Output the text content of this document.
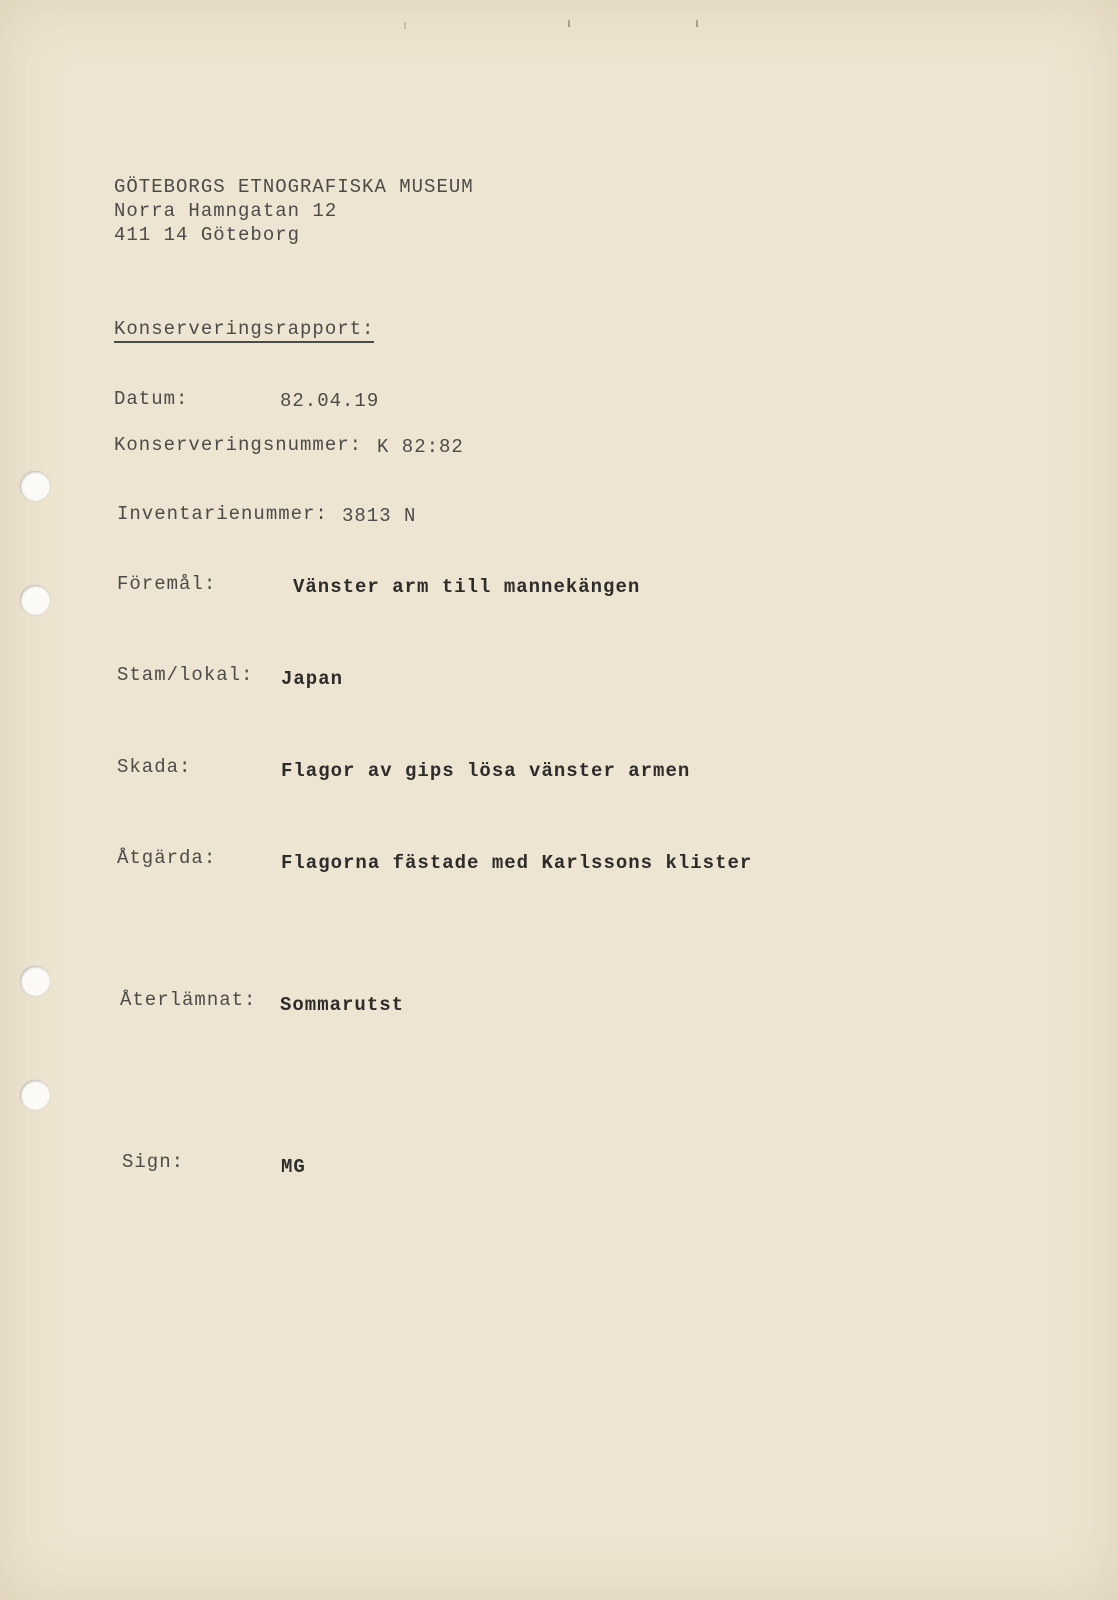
GÖTEBORGS ETNOGRAFISKA MUSEUM
Norra Hamngatan 12
411 14 Göteborg
Konserveringsrapport:
Datum:	82.04.19
Konserveringsnummer: K 82:82
Inventarienummer: 3813 N
Föremål:	Vänster arm till mannekängen
Stam/lokal: Japan
Skada:	Flagor av gips lösa vänster armen
Åtgärda:	Flagorna fästade med Karlssons klister
Återlämnat: Sommarutst
Sign:	MG
